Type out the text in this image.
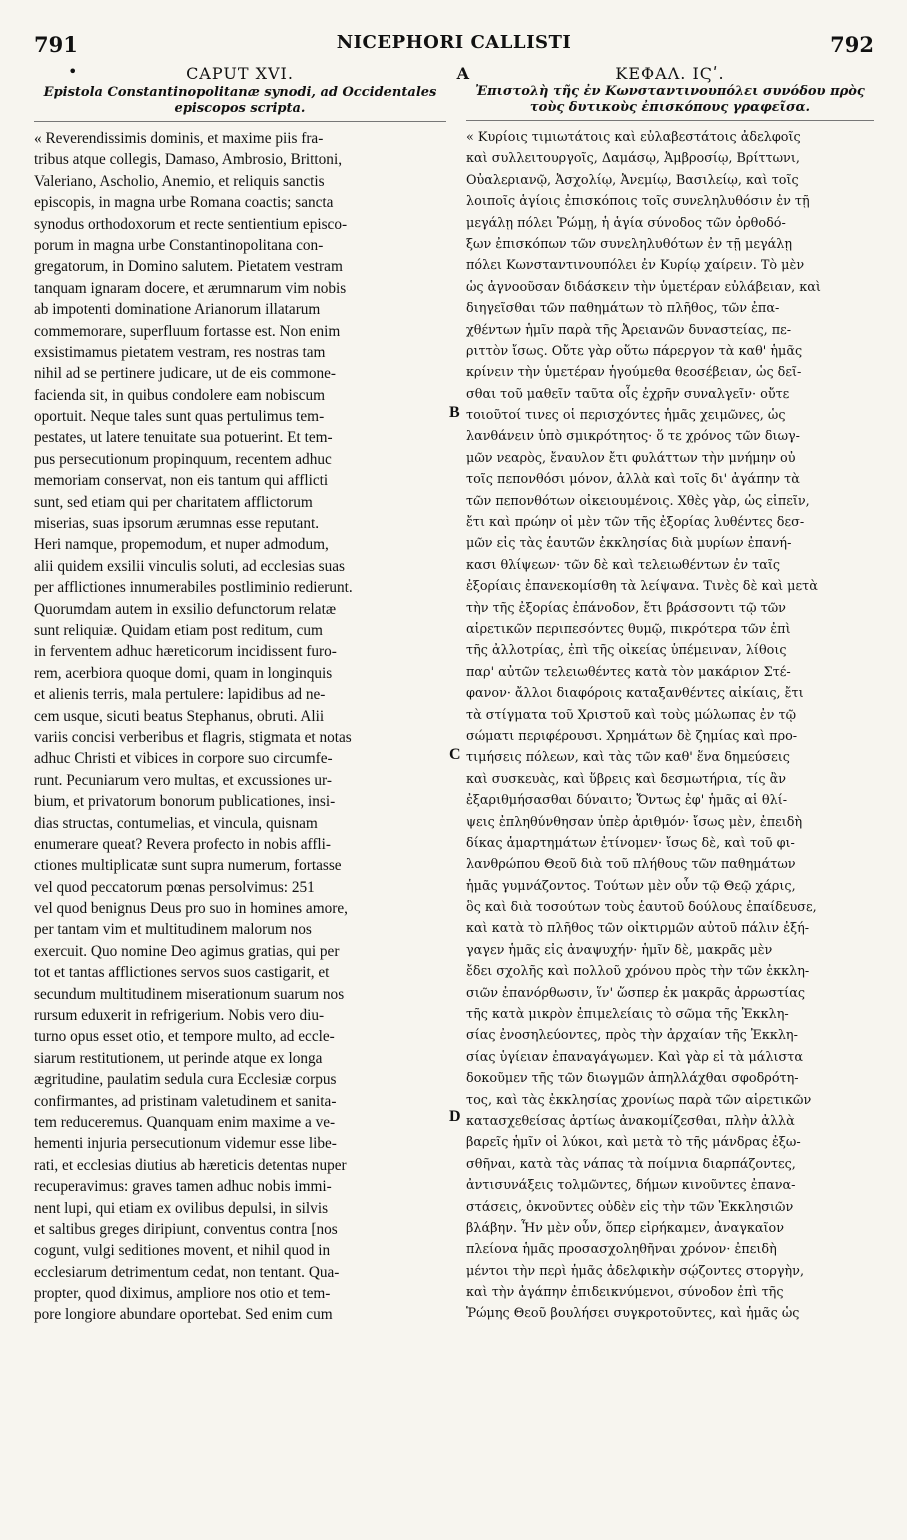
791	NICEPHORI CALLISTI	792
•	CAPUT XVI.	A
Epistola Constantinopolitanæ synodi, ad Occidentales episcopos scripta.
« Reverendissimis dominis, et maxime piis fra-
tribus atque collegis, Damaso, Ambrosio, Brittoni,
Valeriano, Ascholio, Anemio, et reliquis sanctis
episcopis, in magna urbe Romana coactis; sancta
synodus orthodoxorum et recte sentientium episco-
porum in magna urbe Constantinopolitana con-
gregatorum, in Domino salutem. Pietatem vestram
tanquam ignaram docere, et ærumnarum vim nobis
ab impotenti dominatione Arianorum illatarum
commemorare, superfluum fortasse est. Non enim
exsistimamus pietatem vestram, res nostras tam
nihil ad se pertinere judicare, ut de eis commone-
facienda sit, in quibus condolere eam nobiscum
oportuit. Neque tales sunt quas pertulimus tem-
pestates, ut latere tenuitate sua potuerint. Et tem-
pus persecutionum propinquum, recentem adhuc
memoriam conservat, non eis tantum qui afflicti
sunt, sed etiam qui per charitatem afflictorum
miserias, suas ipsorum ærumnas esse reputant.
Heri namque, propemodum, et nuper admodum,
alii quidem exsilii vinculis soluti, ad ecclesias suas
per afflictiones innumerabiles postliminio redierunt.
Quorumdam autem in exsilio defunctorum relatæ
sunt reliquiæ. Quidam etiam post reditum, cum
in ferventem adhuc hæreticorum incidissent furo-
rem, acerbiora quoque domi, quam in longinquis
et alienis terris, mala pertulere: lapidibus ad ne-
cem usque, sicuti beatus Stephanus, obruti. Alii
variis concisi verberibus et flagris, stigmata et notas
adhuc Christi et vibices in corpore suo circumfe-
runt. Pecuniarum vero multas, et excussiones ur-
bium, et privatorum bonorum publicationes, insi-
dias structas, contumelias, et vincula, quisnam
enumerare queat? Revera profecto in nobis affli-
ctiones multiplicatæ sunt supra numerum, fortasse
vel quod peccatorum pœnas persolvimus: 251
vel quod benignus Deus pro suo in homines amore,
per tantam vim et multitudinem malorum nos
exercuit. Quo nomine Deo agimus gratias, qui per
tot et tantas afflictiones servos suos castigarit, et
secundum multitudinem miserationum suarum nos
rursum eduxerit in refrigerium. Nobis vero diu-
turno opus esset otio, et tempore multo, ad eccle-
siarum restitutionem, ut perinde atque ex longa
ægritudine, paulatim sedula cura Ecclesiæ corpus
confirmantes, ad pristinam valetudinem et sanita-
tem reduceremus. Quanquam enim maxime a ve-
hementi injuria persecutionum videmur esse libe-
rati, et ecclesias diutius ab hæreticis detentas nuper
recuperavimus: graves tamen adhuc nobis immi-
nent lupi, qui etiam ex ovilibus depulsi, in silvis
et saltibus greges diripiunt, conventus contra [nos
cogunt, vulgi seditiones movent, et nihil quod in
ecclesiarum detrimentum cedat, non tentant. Qua-
propter, quod diximus, ampliore nos otio et tem-
pore longiore abundare oportebat. Sed enim cum
ΚΕΦΑΛ. ΙϚʹ.
Ἐπιστολὴ τῆς ἐν Κωνσταντινουπόλει συνόδου πρὸς τοὺς δυτικοὺς ἐπισκόπους γραφεῖσα.
« Κυρίοις τιμιωτάτοις καὶ εὐλαβεστάτοις ἀδελφοῖς
καὶ συλλειτουργοῖς, Δαμάσῳ, Ἀμβροσίῳ, Βρίττωνι,
Οὐαλεριανῷ, Ἀσχολίῳ, Ἀνεμίῳ, Βασιλείῳ, καὶ τοῖς
λοιποῖς ἁγίοις ἐπισκόποις τοῖς συνεληλυθόσιν ἐν τῇ
μεγάλῃ πόλει Ῥώμῃ, ἡ ἁγία σύνοδος τῶν ὀρθοδό-
ξων ἐπισκόπων τῶν συνεληλυθότων ἐν τῇ μεγάλῃ
πόλει Κωνσταντινουπόλει ἐν Κυρίῳ χαίρειν. Τὸ μὲν
ὡς ἀγνοοῦσαν διδάσκειν τὴν ὑμετέραν εὐλάβειαν, καὶ
διηγεῖσθαι τῶν παθημάτων τὸ πλῆθος, τῶν ἐπα-
χθέντων ἡμῖν παρὰ τῆς Ἀρειανῶν δυναστείας, πε-
ριττὸν ἴσως. Οὔτε γὰρ οὕτω πάρεργον τὰ καθ' ἡμᾶς
κρίνειν τὴν ὑμετέραν ἡγούμεθα θεοσέβειαν, ὡς δεῖ-
σθαι τοῦ μαθεῖν ταῦτα οἷς ἐχρῆν συναλγεῖν· οὔτε
τοιοῦτοί τινες οἱ περισχόντες ἡμᾶς χειμῶνες, ὡς
λανθάνειν ὑπὸ σμικρότητος· ὅ τε χρόνος τῶν διωγ-
μῶν νεαρὸς, ἔναυλον ἔτι φυλάττων τὴν μνήμην οὐ
τοῖς πεπονθόσι μόνον, ἀλλὰ καὶ τοῖς δι' ἀγάπην τὰ
τῶν πεπονθότων οἰκειουμένοις. Χθὲς γὰρ, ὡς εἰπεῖν,
ἔτι καὶ πρώην οἱ μὲν τῶν τῆς ἐξορίας λυθέντες δεσ-
μῶν εἰς τὰς ἑαυτῶν ἐκκλησίας διὰ μυρίων ἐπανή-
κασι θλίψεων· τῶν δὲ καὶ τελειωθέντων ἐν ταῖς
ἐξορίαις ἐπανεκομίσθη τὰ λείψανα. Τινὲς δὲ καὶ μετὰ
τὴν τῆς ἐξορίας ἐπάνοδον, ἔτι βράσσοντι τῷ τῶν
αἱρετικῶν περιπεσόντες θυμῷ, πικρότερα τῶν ἐπὶ
τῆς ἀλλοτρίας, ἐπὶ τῆς οἰκείας ὑπέμειναν, λίθοις
παρ' αὐτῶν τελειωθέντες κατὰ τὸν μακάριον Στέ-
φανον· ἄλλοι διαφόροις καταξανθέντες αἰκίαις, ἔτι
τὰ στίγματα τοῦ Χριστοῦ καὶ τοὺς μώλωπας ἐν τῷ
σώματι περιφέρουσι. Χρημάτων δὲ ζημίας καὶ προ-
τιμήσεις πόλεων, καὶ τὰς τῶν καθ' ἕνα δημεύσεις
καὶ συσκευὰς, καὶ ὕβρεις καὶ δεσμωτήρια, τίς ἂν
ἐξαριθμήσασθαι δύναιτο; Ὄντως ἐφ' ἡμᾶς αἱ θλί-
ψεις ἐπληθύνθησαν ὑπὲρ ἀριθμόν· ἴσως μὲν, ἐπειδὴ
δίκας ἁμαρτημάτων ἐτίνομεν· ἴσως δὲ, καὶ τοῦ φι-
λανθρώπου Θεοῦ διὰ τοῦ πλήθους τῶν παθημάτων
ἡμᾶς γυμνάζοντος. Τούτων μὲν οὖν τῷ Θεῷ χάρις,
ὃς καὶ διὰ τοσούτων τοὺς ἑαυτοῦ δούλους ἐπαίδευσε,
καὶ κατὰ τὸ πλῆθος τῶν οἰκτιρμῶν αὐτοῦ πάλιν ἐξή-
γαγεν ἡμᾶς εἰς ἀναψυχήν· ἡμῖν δὲ, μακρᾶς μὲν
ἔδει σχολῆς καὶ πολλοῦ χρόνου πρὸς τὴν τῶν ἐκκλη-
σιῶν ἐπανόρθωσιν, ἵν' ὥσπερ ἐκ μακρᾶς ἀρρωστίας
τῆς κατὰ μικρὸν ἐπιμελείαις τὸ σῶμα τῆς Ἐκκλη-
σίας ἐνοσηλεύοντες, πρὸς τὴν ἀρχαίαν τῆς Ἐκκλη-
σίας ὑγίειαν ἐπαναγάγωμεν. Καὶ γὰρ εἰ τὰ μάλιστα
δοκοῦμεν τῆς τῶν διωγμῶν ἀπηλλάχθαι σφοδρότη-
τος, καὶ τὰς ἐκκλησίας χρονίως παρὰ τῶν αἱρετικῶν
κατασχεθείσας ἀρτίως ἀνακομίζεσθαι, πλὴν ἀλλὰ
βαρεῖς ἡμῖν οἱ λύκοι, καὶ μετὰ τὸ τῆς μάνδρας ἐξω-
σθῆναι, κατὰ τὰς νάπας τὰ ποίμνια διαρπάζοντες,
ἀντισυνάξεις τολμῶντες, δήμων κινοῦντες ἐπανα-
στάσεις, ὀκνοῦντες οὐδὲν εἰς τὴν τῶν Ἐκκλησιῶν
βλάβην. Ἦν μὲν οὖν, ὅπερ εἰρήκαμεν, ἀναγκαῖον
πλείονα ἡμᾶς προσασχοληθῆναι χρόνον· ἐπειδὴ
μέντοι τὴν περὶ ἡμᾶς ἀδελφικὴν σῴζοντες στοργὴν,
καὶ τὴν ἀγάπην ἐπιδεικνύμενοι, σύνοδον ἐπὶ τῆς
Ῥώμης Θεοῦ βουλήσει συγκροτοῦντες, καὶ ἡμᾶς ὡς
B
C
D
